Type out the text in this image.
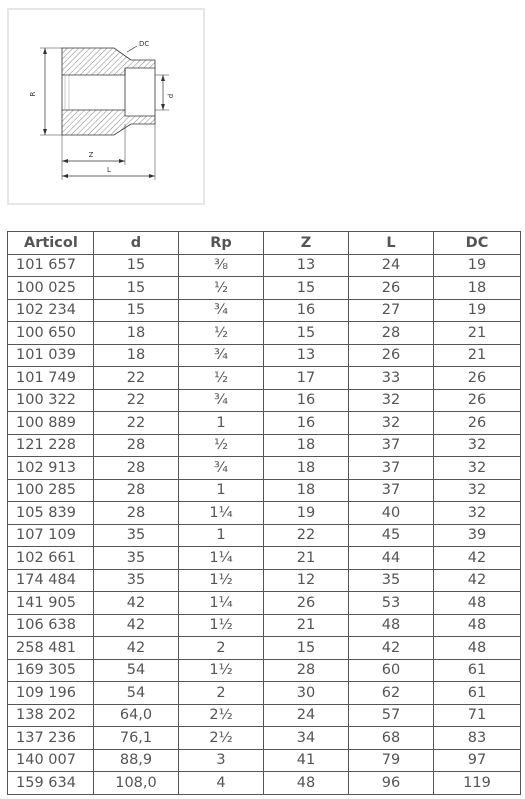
R	d
DC
Z
L
Articol	d	Rp	Z	L	DC
101 657	15	⅜	13	24	19
100 025	15	½	15	26	18
102 234	15	¾	16	27	19
100 650	18	½	15	28	21
101 039	18	¾	13	26	21
101 749	22	½	17	33	26
100 322	22	¾	16	32	26
100 889	22	1	16	32	26
121 228	28	½	18	37	32
102 913	28	¾	18	37	32
100 285	28	1	18	37	32
105 839	28	1¼	19	40	32
107 109	35	1	22	45	39
102 661	35	1¼	21	44	42
174 484	35	1½	12	35	42
141 905	42	1¼	26	53	48
106 638	42	1½	21	48	48
258 481	42	2	15	42	48
169 305	54	1½	28	60	61
109 196	54	2	30	62	61
138 202	64,0	2½	24	57	71
137 236	76,1	2½	34	68	83
140 007	88,9	3	41	79	97
159 634	108,0	4	48	96	119
